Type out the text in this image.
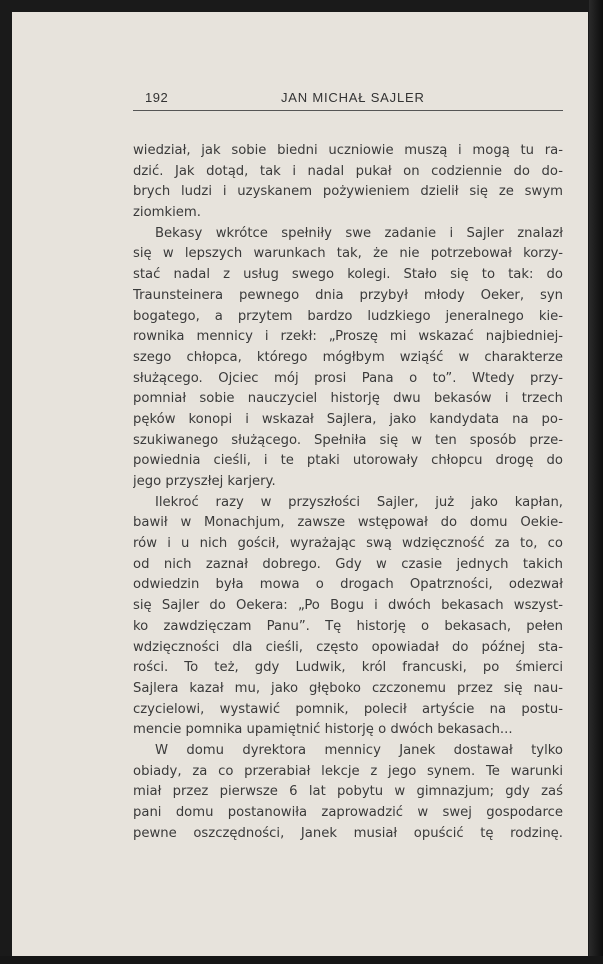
192	JAN MICHAŁ SAJLER
wiedział, jak sobie biedni uczniowie muszą i mogą tu ra-
dzić. Jak dotąd, tak i nadal pukał on codziennie do do-
brych ludzi i uzyskanem pożywieniem dzielił się ze swym
ziomkiem.
Bekasy wkrótce spełniły swe zadanie i Sajler znalazł
się w lepszych warunkach tak, że nie potrzebował korzy-
stać nadal z usług swego kolegi. Stało się to tak: do
Traunsteinera pewnego dnia przybył młody Oeker, syn
bogatego, a przytem bardzo ludzkiego jeneralnego kie-
rownika mennicy i rzekł: „Proszę mi wskazać najbiedniej-
szego chłopca, którego mógłbym wziąść w charakterze
służącego. Ojciec mój prosi Pana o to”. Wtedy przy-
pomniał sobie nauczyciel historję dwu bekasów i trzech
pęków konopi i wskazał Sajlera, jako kandydata na po-
szukiwanego służącego. Spełniła się w ten sposób prze-
powiednia cieśli, i te ptaki utorowały chłopcu drogę do
jego przyszłej karjery.
Ilekroć razy w przyszłości Sajler, już jako kapłan,
bawił w Monachjum, zawsze wstępował do domu Oekie-
rów i u nich gościł, wyrażając swą wdzięczność za to, co
od nich zaznał dobrego. Gdy w czasie jednych takich
odwiedzin była mowa o drogach Opatrzności, odezwał
się Sajler do Oekera: „Po Bogu i dwóch bekasach wszyst-
ko zawdzięczam Panu”. Tę historję o bekasach, pełen
wdzięczności dla cieśli, często opowiadał do późnej sta-
rości. To też, gdy Ludwik, król francuski, po śmierci
Sajlera kazał mu, jako głęboko czczonemu przez się nau-
czycielowi, wystawić pomnik, polecił artyście na postu-
mencie pomnika upamiętnić historję o dwóch bekasach...
W domu dyrektora mennicy Janek dostawał tylko
obiady, za co przerabiał lekcje z jego synem. Te warunki
miał przez pierwsze 6 lat pobytu w gimnazjum; gdy zaś
pani domu postanowiła zaprowadzić w swej gospodarce
pewne oszczędności, Janek musiał opuścić tę rodzinę.
